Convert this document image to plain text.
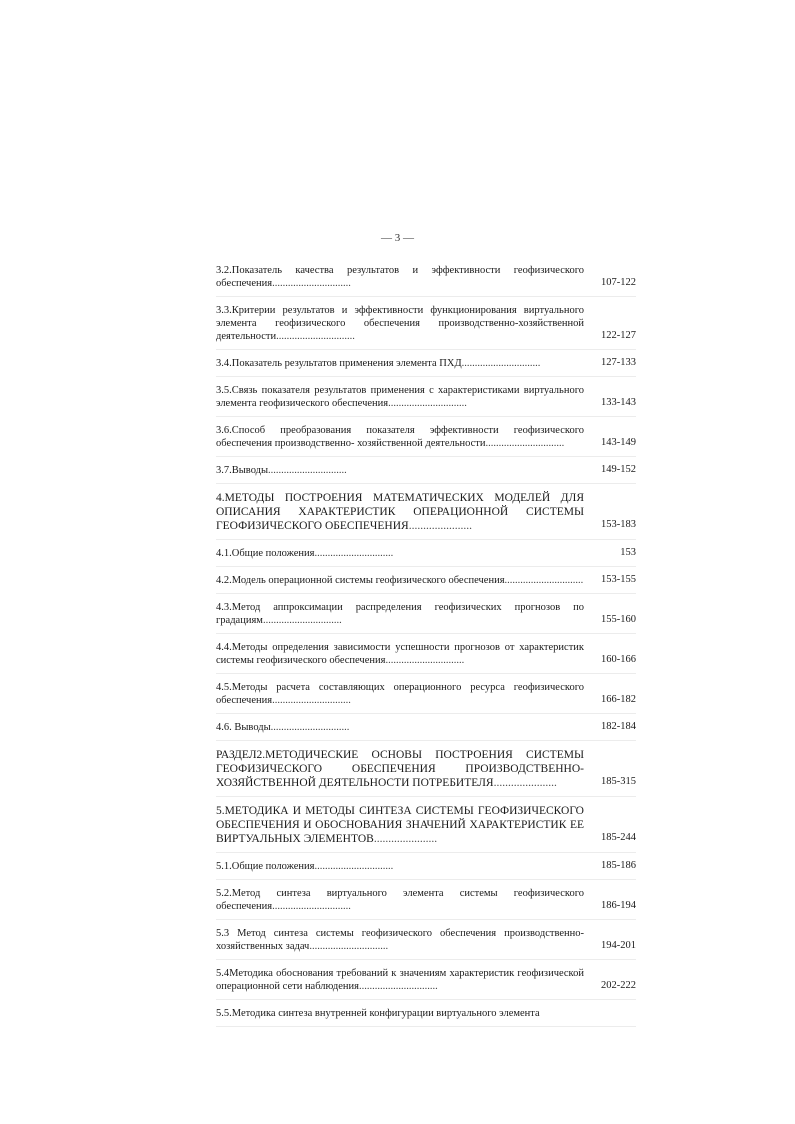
— 3 —
3.2.Показатель качества результатов и эффективности геофизического обеспечения..............................	107-122
3.3.Критерии результатов и эффективности функционирования виртуального элемента геофизического обеспечения производственно-хозяйственной деятельности..............................	122-127
3.4.Показатель результатов применения элемента ПХД..............................	127-133
3.5.Связь показателя результатов применения с характеристиками виртуального элемента геофизического обеспечения..............................	133-143
3.6.Способ преобразования показателя эффективности геофизического обеспечения производственно- хозяйственной деятельности..............................	143-149
3.7.Выводы..............................	149-152
4.МЕТОДЫ ПОСТРОЕНИЯ МАТЕМАТИЧЕСКИХ МОДЕЛЕЙ ДЛЯ ОПИСАНИЯ ХАРАКТЕРИСТИК ОПЕРАЦИОННОЙ СИСТЕМЫ ГЕОФИЗИЧЕСКОГО ОБЕСПЕЧЕНИЯ......................	153-183
4.1.Общие положения..............................	153
4.2.Модель операционной системы геофизического обеспечения..............................	153-155
4.3.Метод аппроксимации распределения геофизических прогнозов по градациям..............................	155-160
4.4.Методы определения зависимости успешности прогнозов от характеристик системы геофизического обеспечения..............................	160-166
4.5.Методы расчета составляющих операционного ресурса геофизического обеспечения..............................	166-182
4.6. Выводы..............................	182-184
РАЗДЕЛ2.МЕТОДИЧЕСКИЕ ОСНОВЫ ПОСТРОЕНИЯ СИСТЕМЫ ГЕОФИЗИЧЕСКОГО ОБЕСПЕЧЕНИЯ ПРОИЗВОДСТВЕННО-ХОЗЯЙСТВЕННОЙ ДЕЯТЕЛЬНОСТИ ПОТРЕБИТЕЛЯ......................	185-315
5.МЕТОДИКА И МЕТОДЫ СИНТЕЗА СИСТЕМЫ ГЕОФИЗИЧЕСКОГО ОБЕСПЕЧЕНИЯ И ОБОСНОВАНИЯ ЗНАЧЕНИЙ ХАРАКТЕРИСТИК ЕЕ ВИРТУАЛЬНЫХ ЭЛЕМЕНТОВ......................	185-244
5.1.Общие положения..............................	185-186
5.2.Метод синтеза виртуального элемента системы геофизического обеспечения..............................	186-194
5.3 Метод синтеза системы геофизического обеспечения производственно-хозяйственных задач..............................	194-201
5.4Методика обоснования требований к значениям характеристик геофизической операционной сети наблюдения..............................	202-222
5.5.Методика синтеза внутренней конфигурации виртуального элемента
